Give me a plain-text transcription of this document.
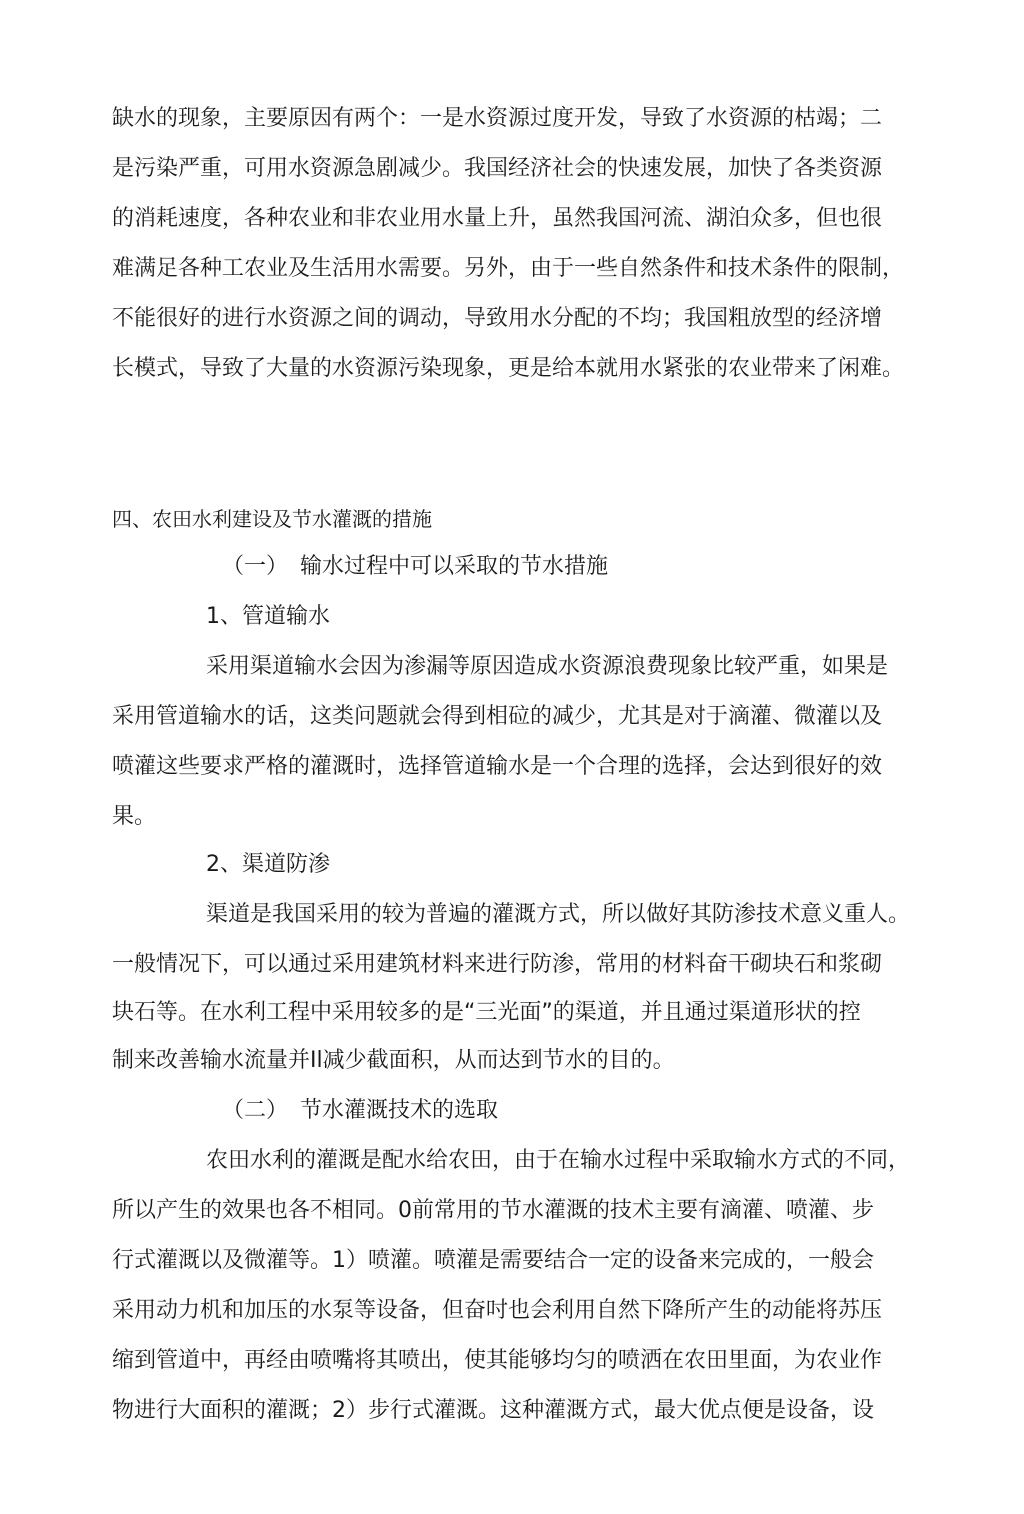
缺水的现象，主要原因有两个：一是水资源过度开发，导致了水资源的枯竭；二
是污染严重，可用水资源急剧减少。我国经济社会的快速发展，加快了各类资源
的消耗速度，各种农业和非农业用水量上升，虽然我国河流、湖泊众多，但也很
难满足各种工农业及生活用水需要。另外，由于一些自然条件和技术条件的限制，
不能很好的进行水资源之间的调动，导致用水分配的不均；我国粗放型的经济增
长模式，导致了大量的水资源污染现象，更是给本就用水紧张的农业带来了闲难。
四、农田水利建设及节水灌溉的措施
（一） 输水过程中可以采取的节水措施
1、管道输水
采用渠道输水会因为渗漏等原因造成水资源浪费现象比较严重，如果是
采用管道输水的话，这类问题就会得到相砬的减少，尤其是对于滴灌、微灌以及
喷灌这些要求严格的灌溉时，选择管道输水是一个合理的选择，会达到很好的效
果。
2、渠道防渗
渠道是我国采用的较为普遍的灌溉方式，所以做好其防渗技术意义重人。
一般情况下，可以通过采用建筑材料来进行防渗，常用的材料奋干砌块石和浆砌
块石等。在水利工程中采用较多的是“三光面”的渠道，并且通过渠道形状的控
制来改善输水流量并Il减少截面积，从而达到节水的目的。
（二） 节水灌溉技术的选取
农田水利的灌溉是配水给农田，由于在输水过程中采取输水方式的不同，
所以产生的效果也各不相同。0前常用的节水灌溉的技术主要有滴灌、喷灌、步
行式灌溉以及微灌等。1）喷灌。喷灌是需要结合一定的设备来完成的，一般会
采用动力机和加压的水泵等设备，但奋吋也会利用自然下降所产生的动能将苏压
缩到管道中，再经由喷嘴将其喷出，使其能够均匀的喷洒在农田里面，为农业作
物进行大面积的灌溉；2）步行式灌溉。这种灌溉方式，最大优点便是设备，设
